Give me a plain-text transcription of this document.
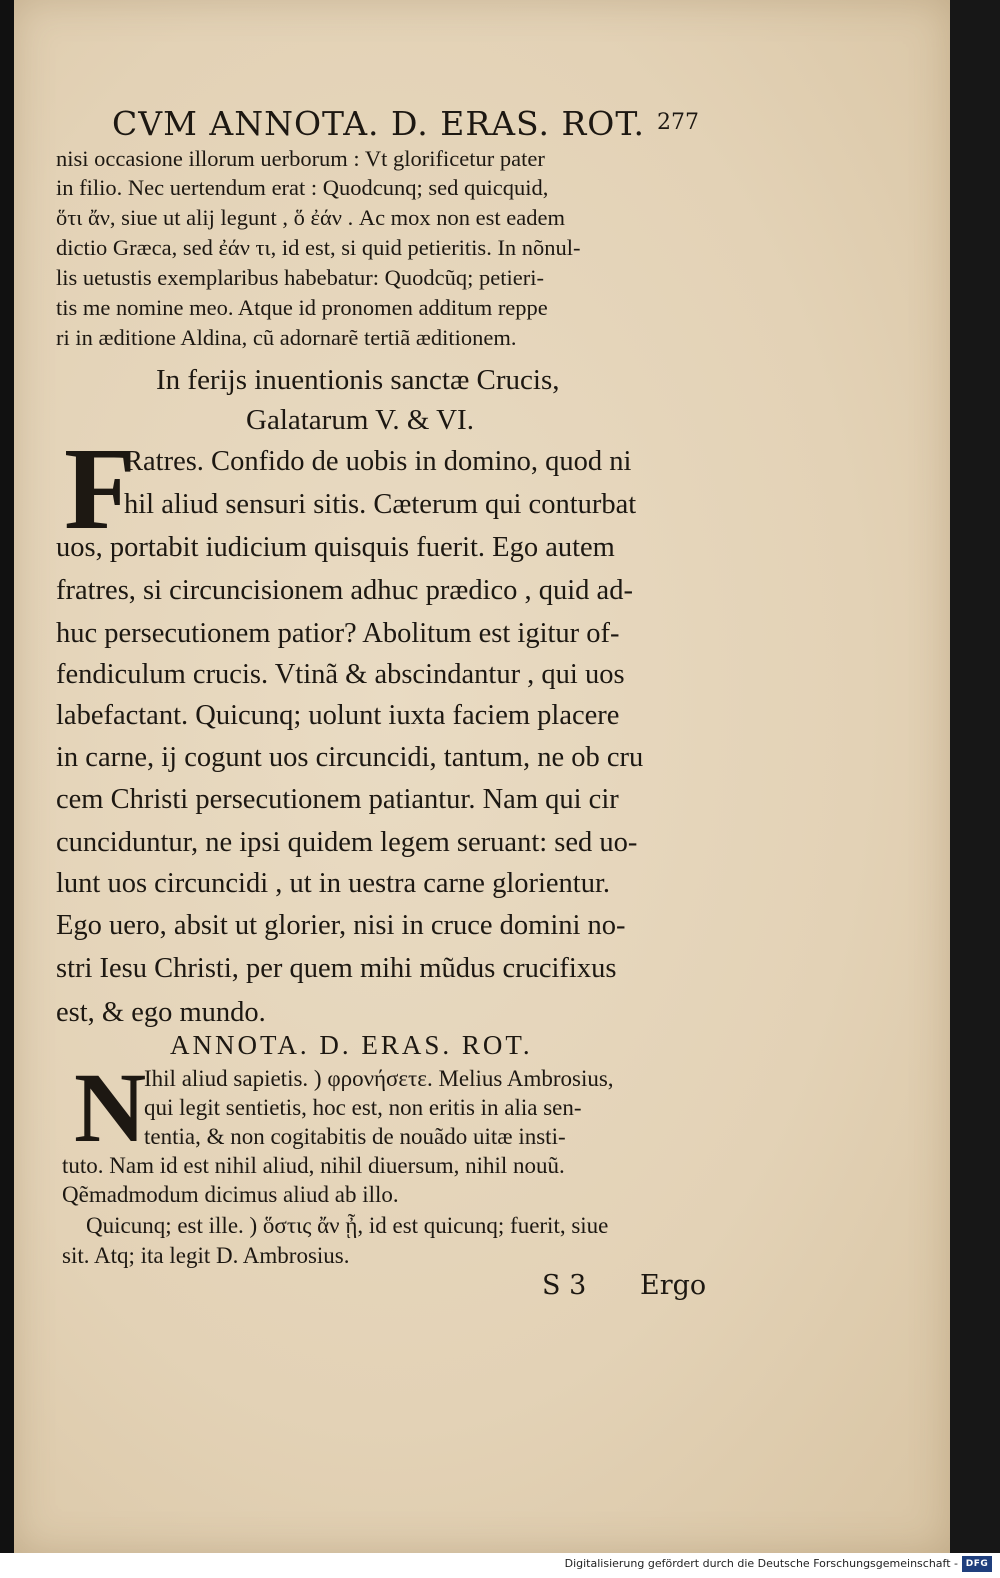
CVM ANNOTA. D. ERAS. ROT. 277

nisi occasione illorum uerborum : Vt glorificetur pater

in filio. Nec uertendum erat : Quodcunq; sed quicquid,

ὅτι ἄν, siue ut alij legunt , ὅ ἐάν . Ac mox non est eadem

dictio Græca, sed ἐάν τι, id est, si quid petieritis. In nõnul-

lis uetustis exemplaribus habebatur: Quodcũq; petieri-

tis me nomine meo. Atque id pronomen additum reppe

ri in æditione Aldina, cũ adornarẽ tertiã æditionem.

In ferijs inuentionis sanctæ Crucis,

Galatarum V. & VI.

F

Ratres. Confido de uobis in domino, quod ni

hil aliud sensuri sitis. Cæterum qui conturbat

uos, portabit iudicium quisquis fuerit. Ego autem

fratres, si circuncisionem adhuc prædico , quid ad-

huc persecutionem patior? Abolitum est igitur of-

fendiculum crucis. Vtinã & abscindantur , qui uos

labefactant. Quicunq; uolunt iuxta faciem placere

in carne, ij cogunt uos circuncidi, tantum, ne ob cru

cem Christi persecutionem patiantur. Nam qui cir

cunciduntur, ne ipsi quidem legem seruant: sed uo-

lunt uos circuncidi , ut in uestra carne glorientur.

Ego uero, absit ut glorier, nisi in cruce domini no-

stri Iesu Christi, per quem mihi mũdus crucifixus

est, & ego mundo.

ANNOTA. D. ERAS. ROT.

N

Ihil aliud sapietis. ) φρονήσετε. Melius Ambrosius,

qui legit sentietis, hoc est, non eritis in alia sen-

tentia, & non cogitabitis de nouãdo uitæ insti-

tuto. Nam id est nihil aliud, nihil diuersum, nihil nouũ.

Qẽmadmodum dicimus aliud ab illo.

Quicunq; est ille. ) ὅστις ἄν ᾖ, id est quicunq; fuerit, siue

sit. Atq; ita legit D. Ambrosius.

S 3 Ergo
Digitalisierung gefördert durch die Deutsche Forschungsgemeinschaft - DFG
